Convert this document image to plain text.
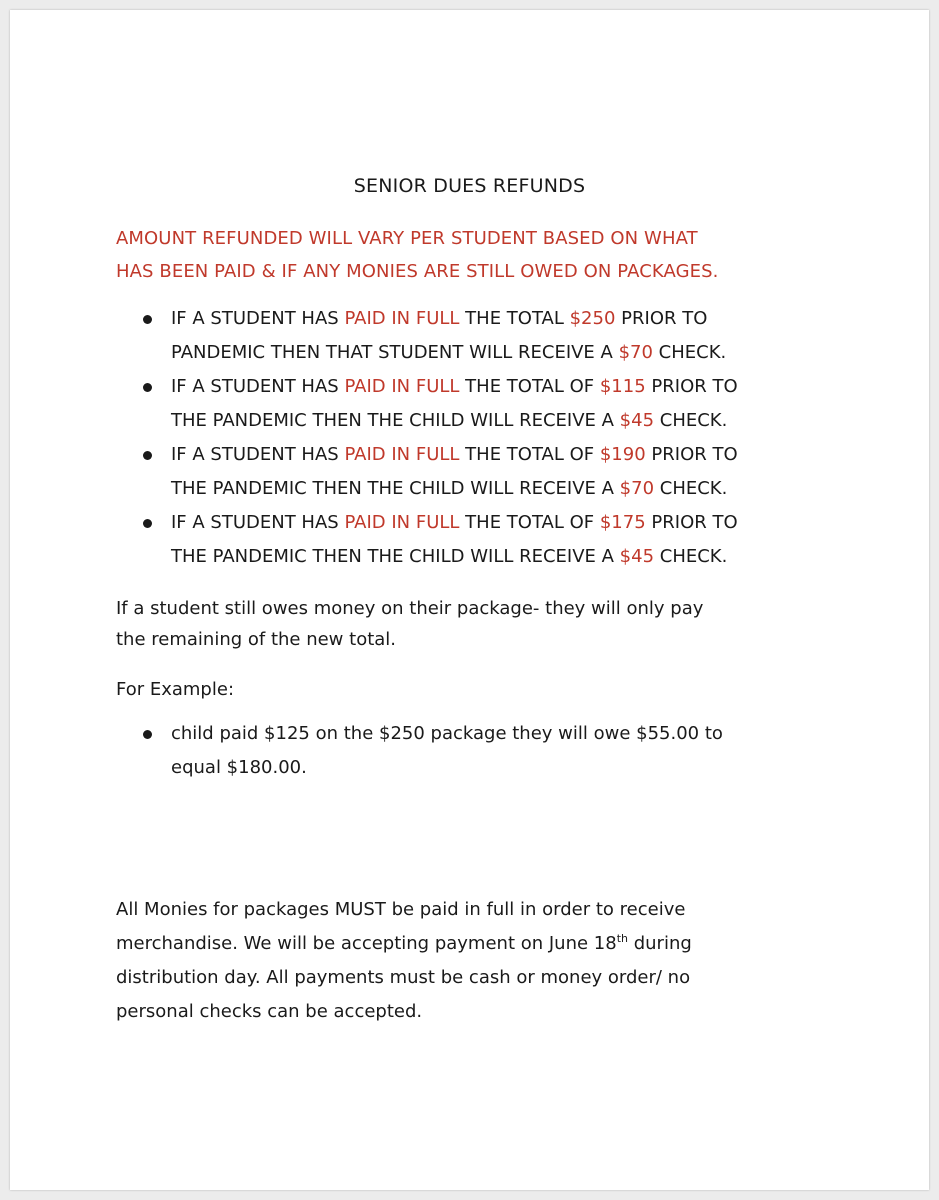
SENIOR DUES REFUNDS
AMOUNT REFUNDED WILL VARY PER STUDENT BASED ON WHAT
HAS BEEN PAID & IF ANY MONIES ARE STILL OWED ON PACKAGES.
IF A STUDENT HAS PAID IN FULL THE TOTAL $250 PRIOR TO
PANDEMIC THEN THAT STUDENT WILL RECEIVE A $70 CHECK.
IF A STUDENT HAS PAID IN FULL THE TOTAL OF $115 PRIOR TO
THE PANDEMIC THEN THE CHILD WILL RECEIVE A $45 CHECK.
IF A STUDENT HAS PAID IN FULL THE TOTAL OF $190 PRIOR TO
THE PANDEMIC THEN THE CHILD WILL RECEIVE A $70 CHECK.
IF A STUDENT HAS PAID IN FULL THE TOTAL OF $175 PRIOR TO
THE PANDEMIC THEN THE CHILD WILL RECEIVE A $45 CHECK.
If a student still owes money on their package- they will only pay
the remaining of the new total.
For Example:
child paid $125 on the $250 package they will owe $55.00 to
equal $180.00.
All Monies for packages MUST be paid in full in order to receive
merchandise. We will be accepting payment on June 18th during
distribution day. All payments must be cash or money order/ no
personal checks can be accepted.
